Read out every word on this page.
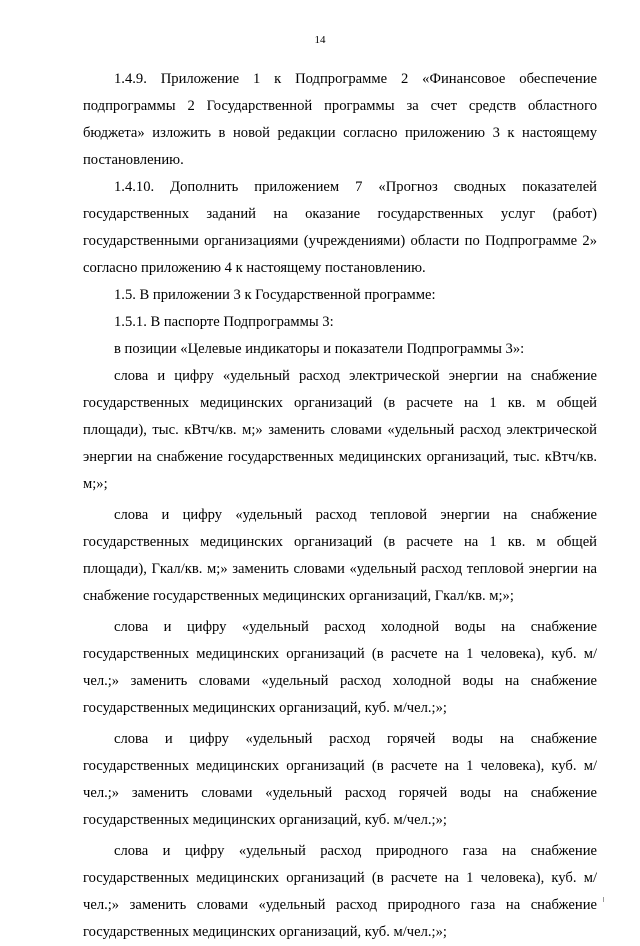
14

1.4.9. Приложение 1 к Подпрограмме 2 «Финансовое обеспечение подпрограммы 2 Государственной программы за счет средств областного бюджета» изложить в новой редакции согласно приложению 3 к настоящему постановлению.

1.4.10. Дополнить приложением 7 «Прогноз сводных показателей государственных заданий на оказание государственных услуг (работ) государственными организациями (учреждениями) области по Подпрограмме 2» согласно приложению 4 к настоящему постановлению.

1.5. В приложении 3 к Государственной программе:

1.5.1. В паспорте Подпрограммы 3:

в позиции «Целевые индикаторы и показатели Подпрограммы 3»:

слова и цифру «удельный расход электрической энергии на снабжение государственных медицинских организаций (в расчете на 1 кв. м общей площади), тыс. кВтч/кв. м;» заменить словами «удельный расход электрической энергии на снабжение государственных медицинских организаций, тыс. кВтч/кв. м;»;

слова и цифру «удельный расход тепловой энергии на снабжение государственных медицинских организаций (в расчете на 1 кв. м общей площади), Гкал/кв. м;» заменить словами «удельный расход тепловой энергии на снабжение государственных медицинских организаций, Гкал/кв. м;»;

слова и цифру «удельный расход холодной воды на снабжение государственных медицинских организаций (в расчете на 1 человека), куб. м/чел.;» заменить словами «удельный расход холодной воды на снабжение государственных медицинских организаций, куб. м/чел.;»;

слова и цифру «удельный расход горячей воды на снабжение государственных медицинских организаций (в расчете на 1 человека), куб. м/чел.;» заменить словами «удельный расход горячей воды на снабжение государственных медицинских организаций, куб. м/чел.;»;

слова и цифру «удельный расход природного газа на снабжение государственных медицинских организаций (в расчете на 1 человека), куб. м/чел.;» заменить словами «удельный расход природного газа на снабжение государственных медицинских организаций, куб. м/чел.;»;
